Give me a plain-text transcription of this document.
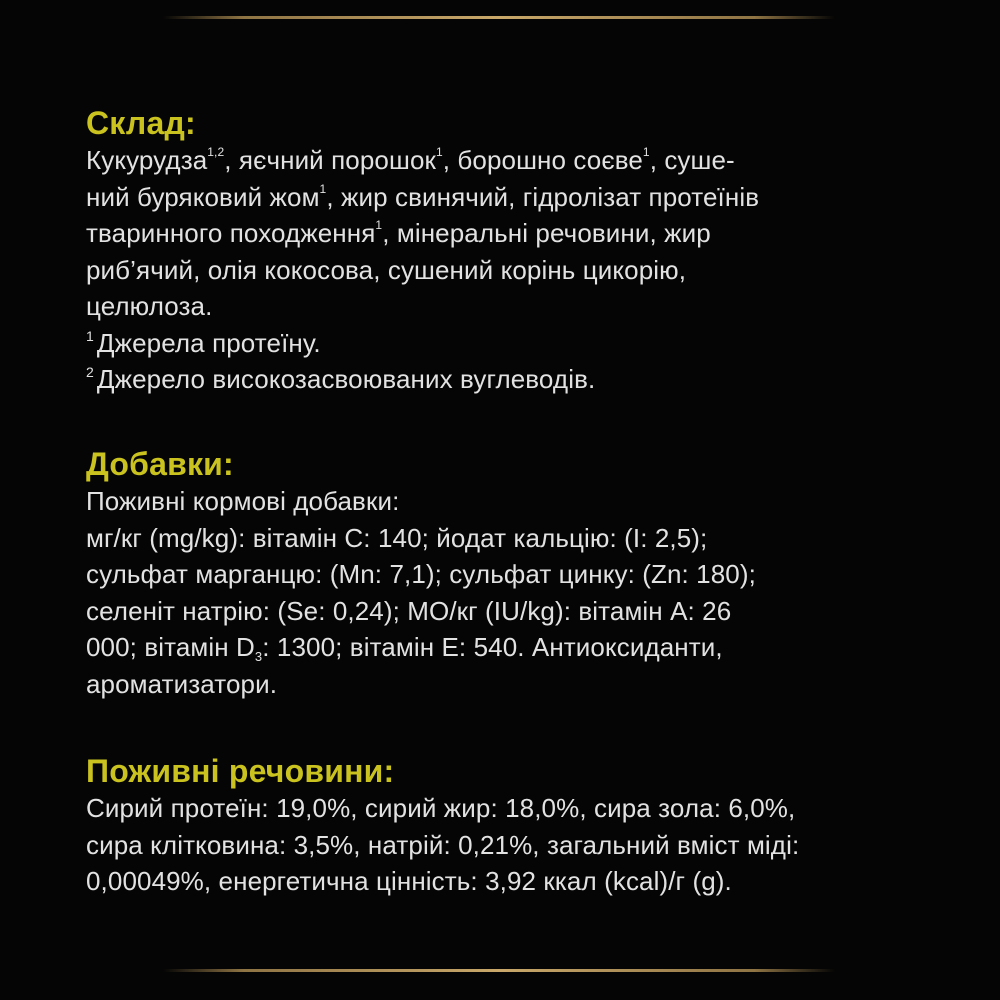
Склад:

Кукурудза$^{1,2}$, яєчний порошок$^1$, борошно соєве$^1$, суше-

ний буряковий жом$^1$, жир свинячий, гідролізат протеїнів

тваринного походження$^1$, мінеральні речовини, жир

риб’ячий, олія кокосова, сушений корінь цикорію,

целюлоза.

$^1$ Джерела протеїну.

$^2$ Джерело високозасвоюваних вуглеводів.

Добавки:

Поживні кормові добавки:

мг/кг (mg/kg): вітамін C: 140; йодат кальцію: (I: 2,5);

сульфат марганцю: (Mn: 7,1); сульфат цинку: (Zn: 180);

селеніт натрію: (Se: 0,24); МО/кг (IU/kg): вітамін A: 26

000; вітамін $D_3$: 1300; вітамін E: 540. Антиоксиданти,

ароматизатори.

Поживні речовини:

Сирий протеїн: 19,0%, сирий жир: 18,0%, сира зола: 6,0%,

сира клітковина: 3,5%, натрій: 0,21%, загальний вміст міді:

0,00049%, енергетична цінність: 3,92 ккал (kcal)/г (g).
